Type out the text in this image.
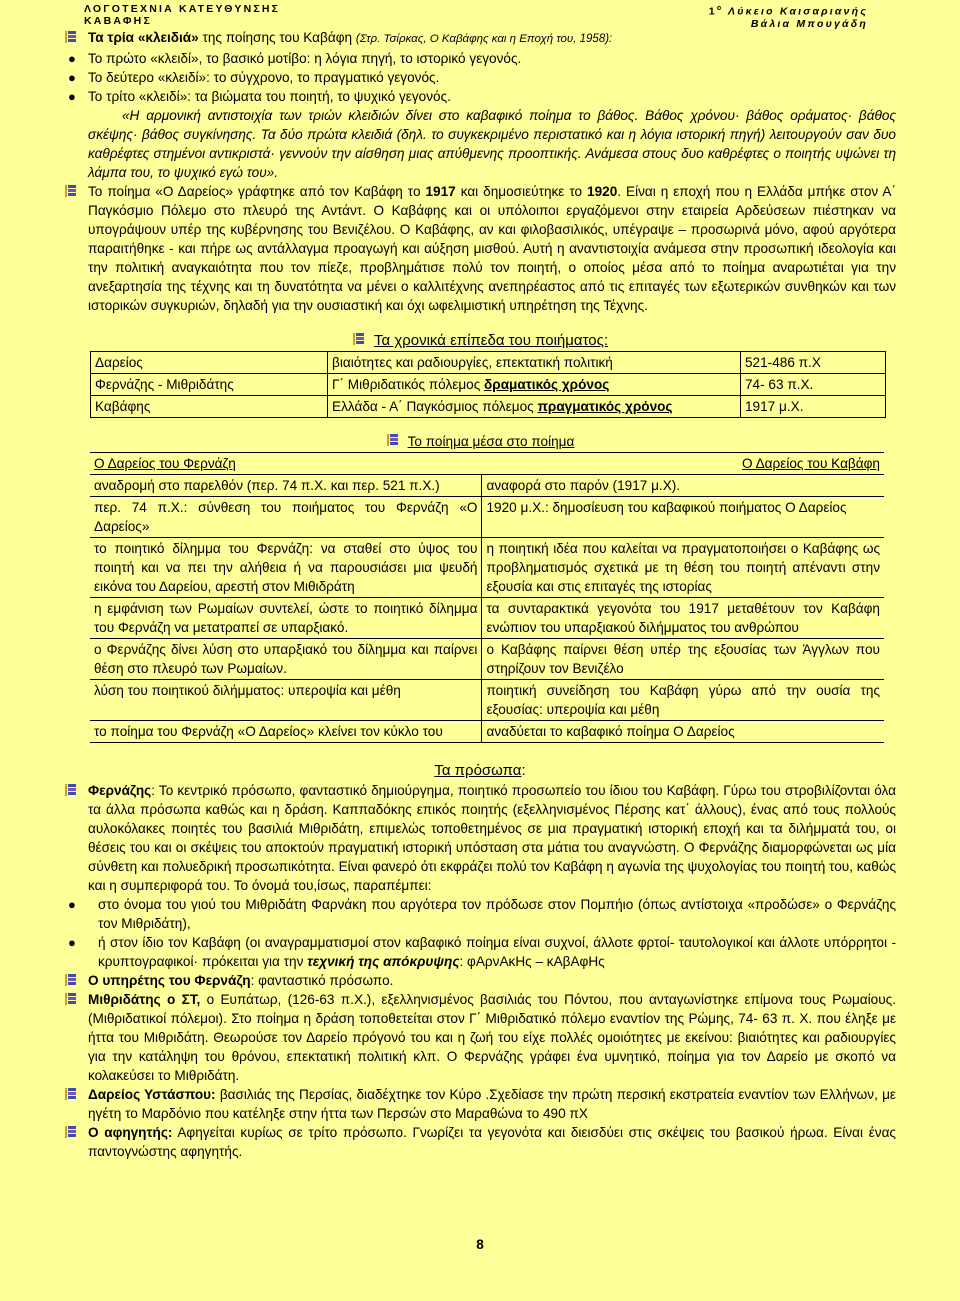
ΛΟΓΟΤΕΧΝΙΑ ΚΑΤΕΥΘΥΝΣΗΣ
ΚΑΒΑΦΗΣ
$1^o$ Λύκειο Καισαριανής
Βάλια Μπουγάδη
Τα τρία «κλειδιά» της ποίησης του Καβάφη (Στρ. Τσίρκας, Ο Καβάφης και η Εποχή του, 1958):
● Το πρώτο «κλειδί», το βασικό μοτίβο: η λόγια πηγή, το ιστορικό γεγονός.
● Το δεύτερο «κλειδί»: το σύγχρονο, το πραγματικό γεγονός.
● Το τρίτο «κλειδί»: τα βιώματα του ποιητή, το ψυχικό γεγονός.
«Η αρμονική αντιστοιχία των τριών κλειδιών δίνει στο καβαφικό ποίημα το βάθος. Βάθος χρόνου· βάθος οράματος· βάθος σκέψης· βάθος συγκίνησης. Τα δύο πρώτα κλειδιά (δηλ. το συγκεκριμένο περιστατικό και η λόγια ιστορική πηγή) λειτουργούν σαν δυο καθρέφτες στημένοι αντικριστά· γεννούν την αίσθηση μιας απύθμενης προοπτικής. Ανάμεσα στους δυο καθρέφτες ο ποιητής υψώνει τη λάμπα του, το ψυχικό εγώ του».
Το ποίημα «Ο Δαρείος» γράφτηκε από τον Καβάφη το 1917 και δημοσιεύτηκε το 1920. Είναι η εποχή που η Ελλάδα μπήκε στον Α΄ Παγκόσμιο Πόλεμο στο πλευρό της Αντάντ. Ο Καβάφης και οι υπόλοιποι εργαζόμενοι στην εταιρεία Αρδεύσεων πιέστηκαν να υπογράψουν υπέρ της κυβέρνησης του Βενιζέλου. Ο Καβάφης, αν και φιλοβασιλικός, υπέγραψε – προσωρινά μόνο, αφού αργότερα παραιτήθηκε - και πήρε ως αντάλλαγμα προαγωγή και αύξηση μισθού. Αυτή η αναντιστοιχία ανάμεσα στην προσωπική ιδεολογία και την πολιτική αναγκαιότητα που τον πίεζε, προβλημάτισε πολύ τον ποιητή, ο οποίος μέσα από το ποίημα αναρωτιέται για την ανεξαρτησία της τέχνης και τη δυνατότητα να μένει ο καλλιτέχνης ανεπηρέαστος από τις επιταγές των εξωτερικών συνθηκών και των ιστορικών συγκυριών, δηλαδή για την ουσιαστική και όχι ωφελιμιστική υπηρέτηση της Τέχνης.
Τα χρονικά επίπεδα του ποιήματος:
Δαρείος	βιαιότητες και ραδιουργίες, επεκτατική πολιτική	521-486 π.Χ
Φερνάζης - Μιθριδάτης	Γ΄ Μιθριδατικός πόλεμος δραματικός χρόνος	74- 63 π.Χ.
Καβάφης	Ελλάδα - Α΄ Παγκόσμιος πόλεμος πραγματικός χρόνος	1917 μ.Χ.
Το ποίημα μέσα στο ποίημα
Ο Δαρείος του Φερνάζη	Ο Δαρείος του Καβάφη
αναδρομή στο παρελθόν (περ. 74 π.Χ. και περ. 521 π.Χ.)	αναφορά στο παρόν (1917 μ.Χ).
περ. 74 π.Χ.: σύνθεση του ποιήματος του Φερνάζη «Ο Δαρείος»	1920 μ.Χ.: δημοσίευση του καβαφικού ποιήματος Ο Δαρείος
το ποιητικό δίλημμα του Φερνάζη: να σταθεί στο ύψος του ποιητή και να πει την αλήθεια ή να παρουσιάσει μια ψευδή εικόνα του Δαρείου, αρεστή στον Μιθιδράτη	η ποιητική ιδέα που καλείται να πραγματοποιήσει ο Καβάφης ως προβληματισμός σχετικά με τη θέση του ποιητή απέναντι στην εξουσία και στις επιταγές της ιστορίας
η εμφάνιση των Ρωμαίων συντελεί, ώστε το ποιητικό δίλημμα του Φερνάζη να μετατραπεί σε υπαρξιακό.	τα συνταρακτικά γεγονότα του 1917 μεταθέτουν τον Καβάφη ενώπιον του υπαρξιακού διλήμματος του ανθρώπου
ο Φερνάζης δίνει λύση στο υπαρξιακό του δίλημμα και παίρνει θέση στο πλευρό των Ρωμαίων.	ο Καβάφης παίρνει θέση υπέρ της εξουσίας των Άγγλων που στηρίζουν τον Βενιζέλο
λύση του ποιητικού διλήμματος: υπεροψία και μέθη	ποιητική συνείδηση του Καβάφη γύρω από την ουσία της εξουσίας: υπεροψία και μέθη
το ποίημα του Φερνάζη «Ο Δαρείος» κλείνει τον κύκλο του	αναδύεται το καβαφικό ποίημα Ο Δαρείος
Τα πρόσωπα:
Φερνάζης: Το κεντρικό πρόσωπο, φανταστικό δημιούργημα, ποιητικό προσωπείο του ίδιου του Καβάφη. Γύρω του στροβιλίζονται όλα τα άλλα πρόσωπα καθώς και η δράση. Καππαδόκης επικός ποιητής (εξελληνισμένος Πέρσης κατ΄ άλλους), ένας από τους πολλούς αυλοκόλακες ποιητές του βασιλιά Μιθριδάτη, επιμελώς τοποθετημένος σε μια πραγματική ιστορική εποχή και τα διλήμματά του, οι θέσεις του και οι σκέψεις του αποκτούν πραγματική ιστορική υπόσταση στα μάτια του αναγνώστη. Ο Φερνάζης διαμορφώνεται ως μία σύνθετη και πολυεδρική προσωπικότητα. Είναι φανερό ότι εκφράζει πολύ τον Καβάφη η αγωνία της ψυχολογίας του ποιητή του, καθώς και η συμπεριφορά του. Το όνομά του,ίσως, παραπέμπει:
● στο όνομα του γιού του Μιθριδάτη Φαρνάκη που αργότερα τον πρόδωσε στον Πομπήιο (όπως αντίστοιχα «προδώσε» ο Φερνάζης τον Μιθριδάτη),
● ή στον ίδιο τον Καβάφη (οι αναγραμματισμοί στον καβαφικό ποίημα είναι συχνοί, άλλοτε φρτοί- ταυτολογικοί και άλλοτε υπόρρητοι - κρυπτογραφικοί· πρόκειται για την τεχνική της απόκρυψης: φΑρνΑκΗς – κΑβΑφΗς
Ο υπηρέτης του Φερνάζη: φανταστικό πρόσωπο.
Μιθριδάτης ο ΣΤ, ο Ευπάτωρ, (126-63 π.Χ.), εξελληνισμένος βασιλιάς του Πόντου, που ανταγωνίστηκε επίμονα τους Ρωμαίους. (Μιθριδατικοί πόλεμοι). Στο ποίημα η δράση τοποθετείται στον Γ΄ Μιθριδατικό πόλεμο εναντίον της Ρώμης, 74- 63 π. Χ. που έληξε με ήττα του Μιθριδάτη. Θεωρούσε τον Δαρείο πρόγονό του και η ζωή του είχε πολλές ομοιότητες με εκείνου: βιαιότητες και ραδιουργίες για την κατάληψη του θρόνου, επεκτατική πολιτική κλπ. Ο Φερνάζης γράφει ένα υμνητικό, ποίημα για τον Δαρείο με σκοπό να κολακεύσει το Μιθριδάτη.
Δαρείος Υστάσπου: βασιλιάς της Περσίας, διαδέχτηκε τον Κύρο .Σχεδίασε την πρώτη περσική εκστρατεία εναντίον των Ελλήνων, με ηγέτη το Μαρδόνιο που κατέληξε στην ήττα των Περσών στο Μαραθώνα το 490 πΧ
Ο αφηγητής: Αφηγείται κυρίως σε τρίτο πρόσωπο. Γνωρίζει τα γεγονότα και διεισδύει στις σκέψεις του βασικού ήρωα. Είναι ένας παντογνώστης αφηγητής.
8
